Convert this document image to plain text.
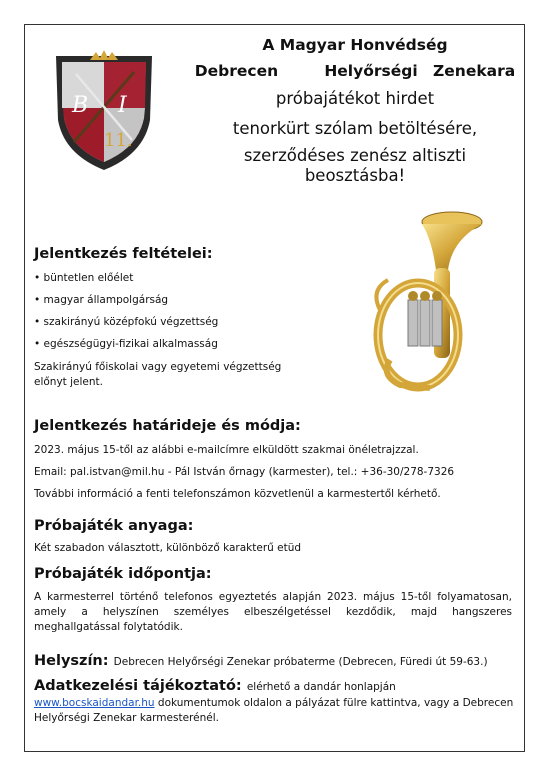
B I
11.
A Magyar Honvédség
Debrecen   Helyőrségi Zenekara
próbajátékot hirdet
tenorkürt szólam betöltésére,
szerződéses zenész altiszti beosztásba!
Jelentkezés feltételei:
• büntetlen előélet
• magyar állampolgárság
• szakirányú középfokú végzettség
• egészségügyi-fizikai alkalmasság

Szakirányú főiskolai vagy egyetemi végzettség előnyt jelent.

Jelentkezés határideje és módja:

2023. május 15-től az alábbi e-mailcímre elküldött szakmai önéletrajzzal.

Email: pal.istvan@mil.hu - Pál István őrnagy (karmester), tel.: +36-30/278-7326

További információ a fenti telefonszámon közvetlenül a karmestertől kérhető.

Próbajáték anyaga:

Két szabadon választott, különböző karakterű etüd

Próbajáték időpontja:

A karmesterrel történő telefonos egyeztetés alapján 2023. május 15-től folyamatosan, amely a helyszínen személyes elbeszélgetéssel kezdődik, majd hangszeres meghallgatással folytatódik.

Helyszín: Debrecen Helyőrségi Zenekar próbaterme (Debrecen, Füredi út 59-63.)
Adatkezelési tájékoztató: elérhető a dandár honlapján
www.bocskaidandar.hu dokumentumok oldalon a pályázat fülre kattintva, vagy a Debrecen Helyőrségi Zenekar karmesterénél.
